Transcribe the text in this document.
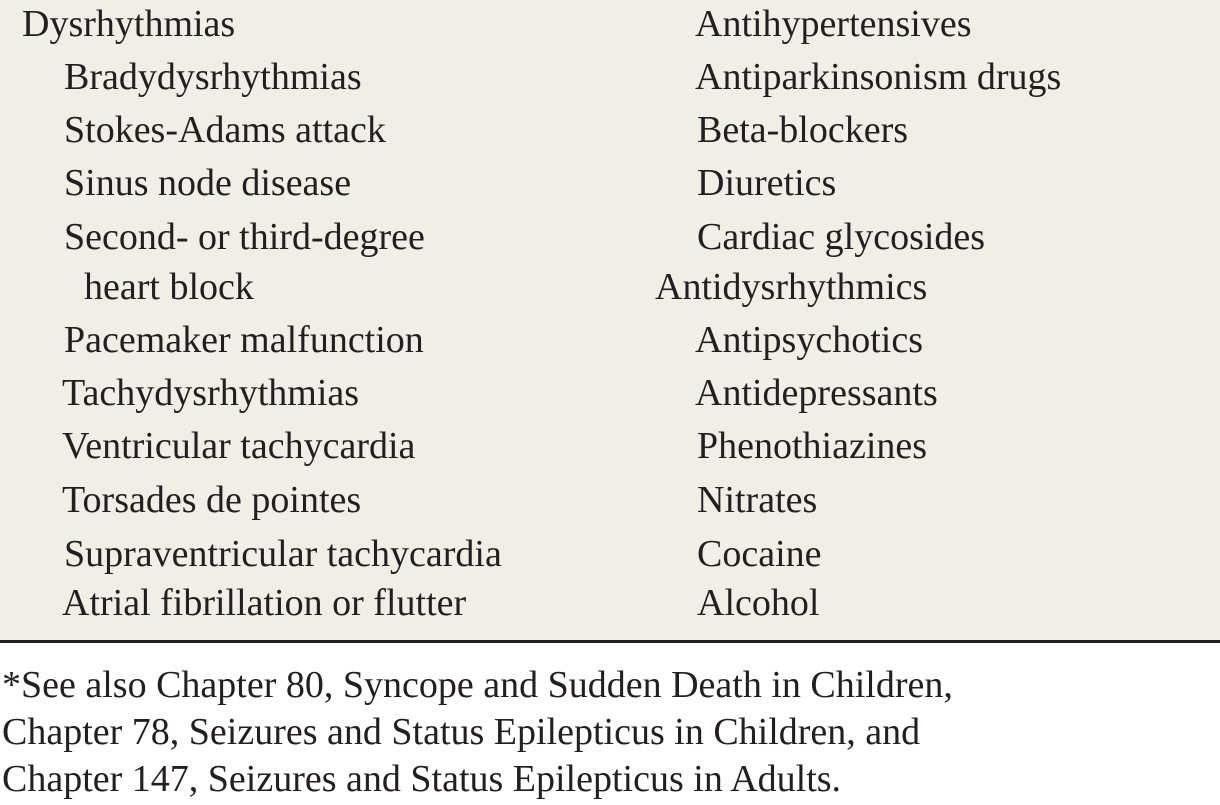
Dysrhythmias
Bradydysrhythmias
Stokes-Adams attack
Sinus node disease
Second- or third-degree
heart block
Pacemaker malfunction
Tachydysrhythmias
Ventricular tachycardia
Torsades de pointes
Supraventricular tachycardia
Atrial fibrillation or flutter
Antihypertensives
Antiparkinsonism drugs
Beta-blockers
Diuretics
Cardiac glycosides
Antidysrhythmics
Antipsychotics
Antidepressants
Phenothiazines
Nitrates
Cocaine
Alcohol
*See also Chapter 80, Syncope and Sudden Death in Children,
Chapter 78, Seizures and Status Epilepticus in Children, and
Chapter 147, Seizures and Status Epilepticus in Adults.
